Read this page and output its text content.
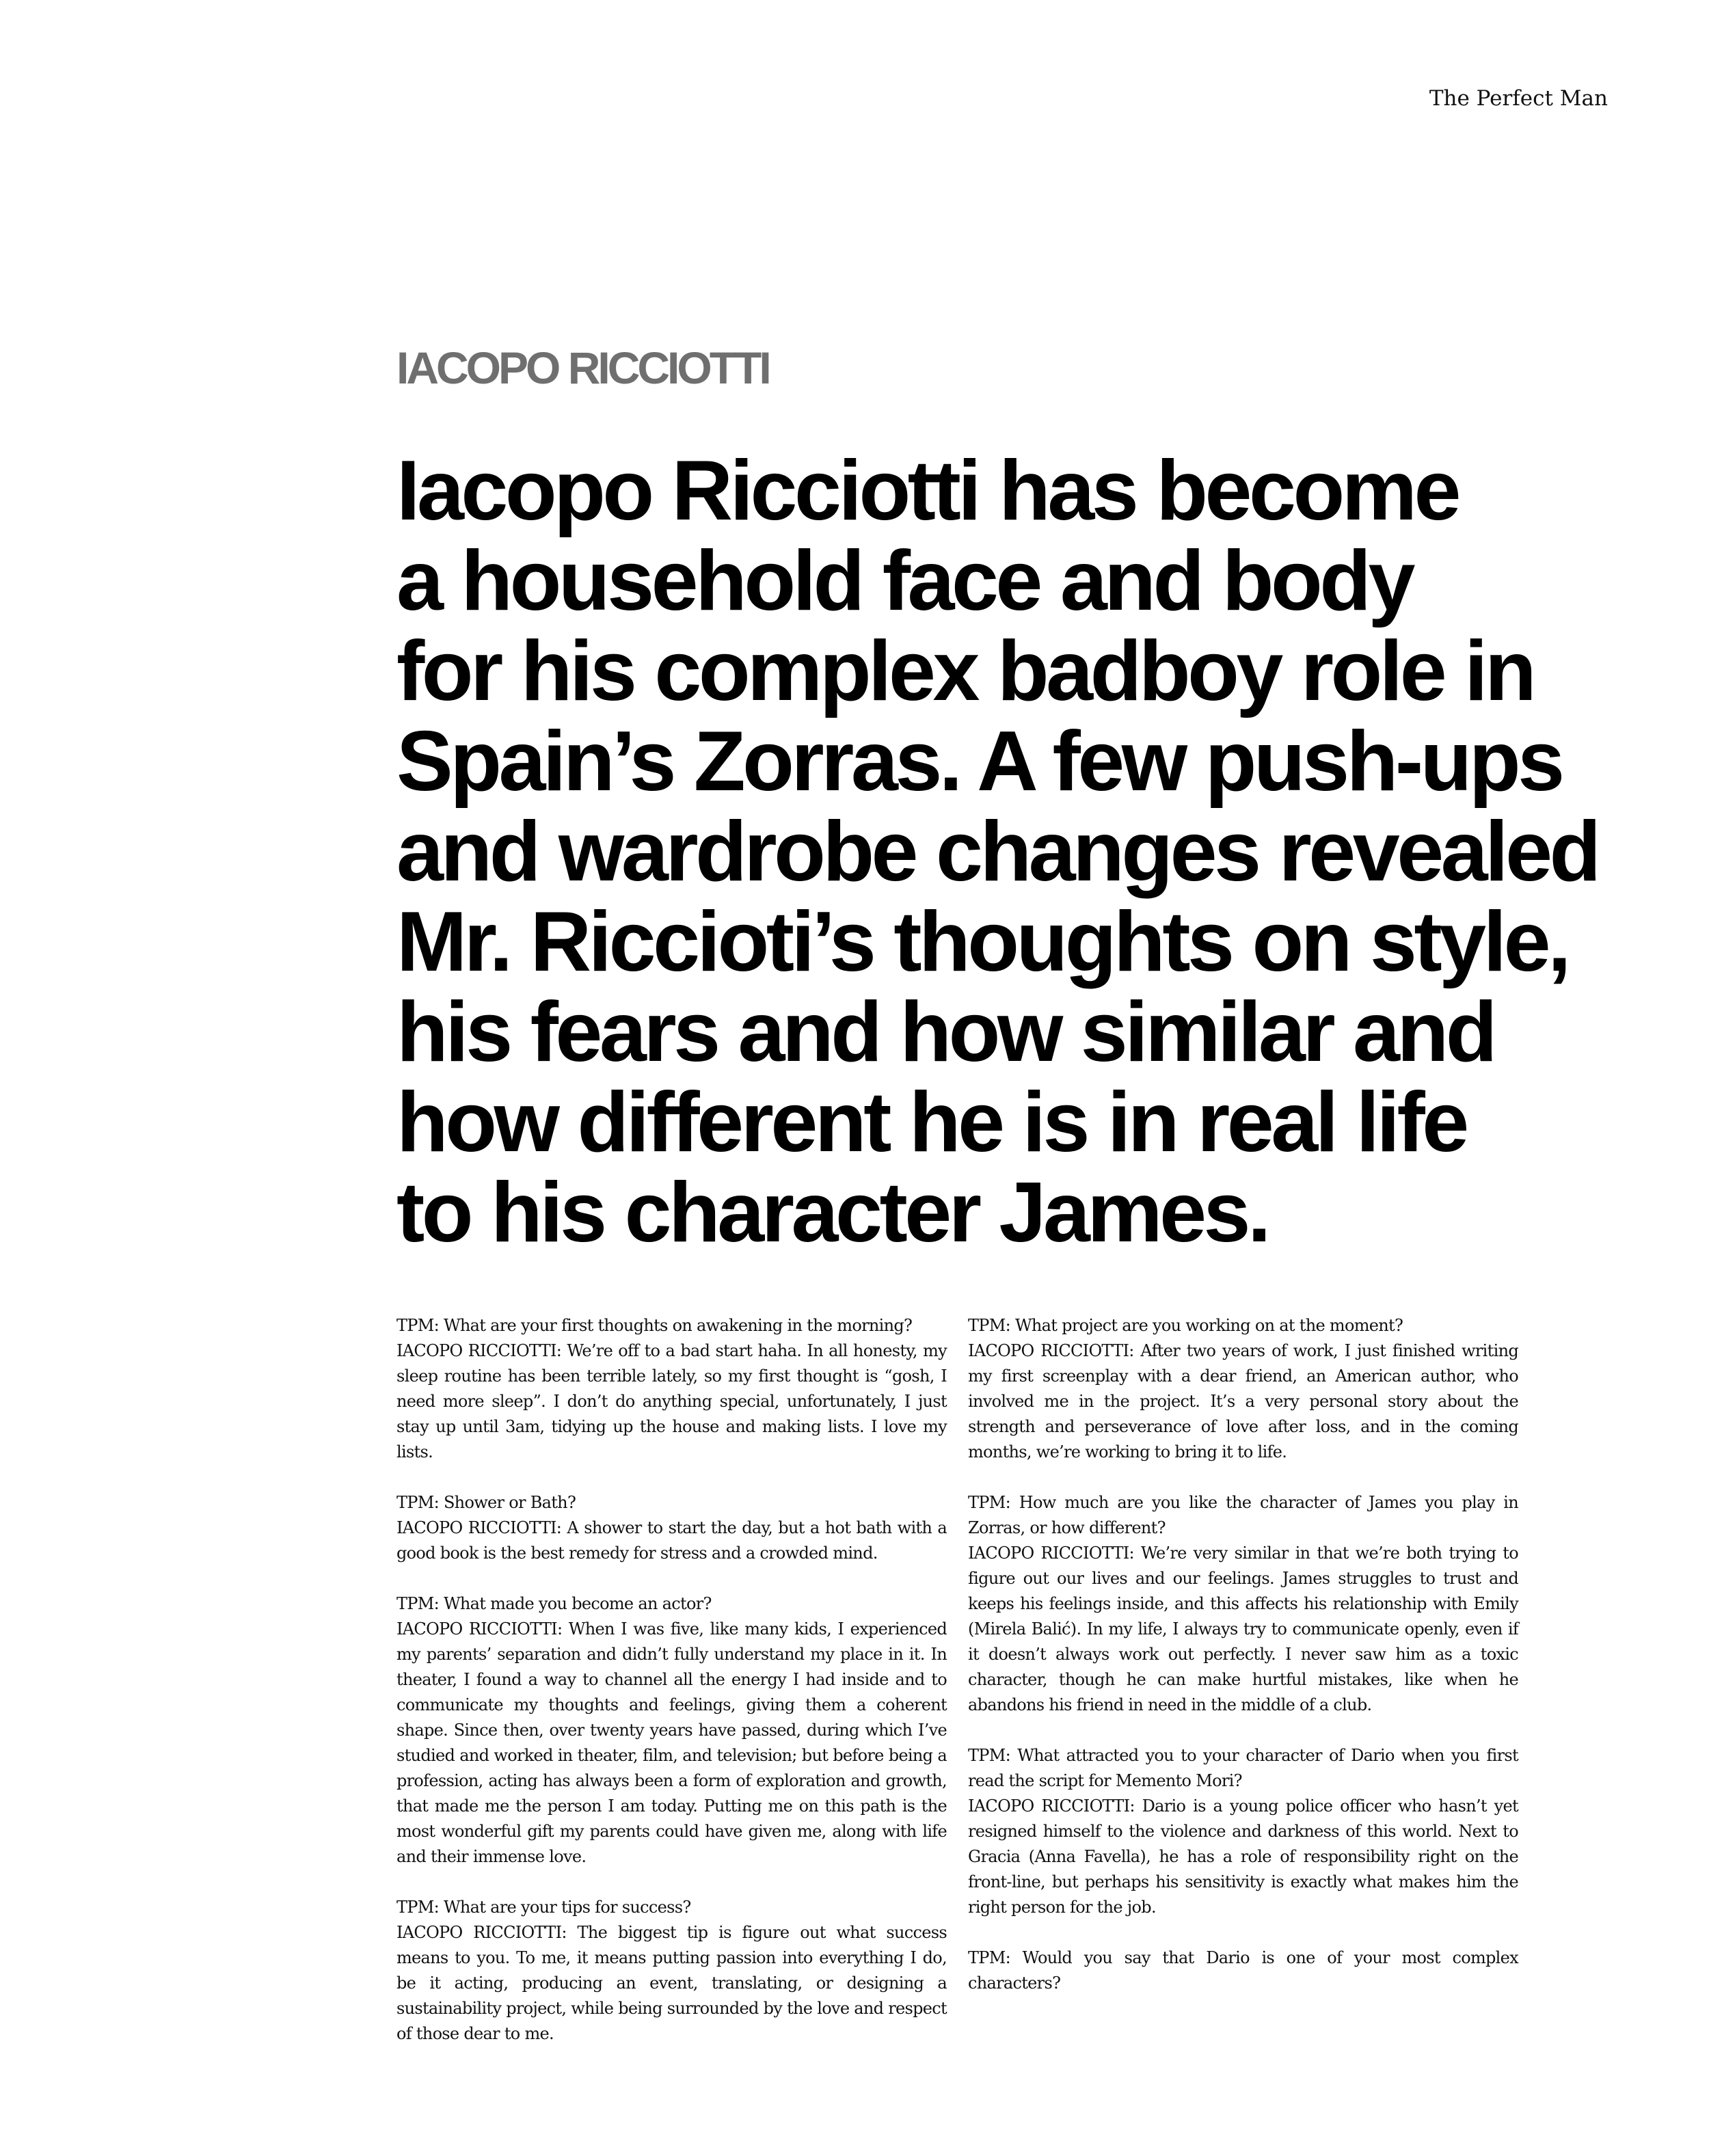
The Perfect Man
IACOPO RICCIOTTI
Iacopo Ricciotti has become
a household face and body
for his complex badboy role in
Spain’s Zorras. A few push-ups
and wardrobe changes revealed
Mr. Riccioti’s thoughts on style,
his fears and how similar and
how different he is in real life
to his character James.

TPM: What are your first thoughts on awakening in the morning?

IACOPO RICCIOTTI: We’re off to a bad start haha. In all honesty, my sleep routine has been terrible lately, so my first thought is “gosh, I need more sleep”. I don’t do anything special, unfortunately, I just stay up until 3am, tidying up the house and making lists. I love my lists.

TPM: Shower or Bath?

IACOPO RICCIOTTI: A shower to start the day, but a hot bath with a good book is the best remedy for stress and a crowded mind.

TPM: What made you become an actor?

IACOPO RICCIOTTI: When I was five, like many kids, I experienced my parents’ separation and didn’t fully understand my place in it. In theater, I found a way to channel all the energy I had inside and to communicate my thoughts and feelings, giving them a coherent shape. Since then, over twenty years have passed, during which I’ve studied and worked in theater, film, and television; but before being a profession, acting has always been a form of exploration and growth, that made me the person I am today. Putting me on this path is the most wonderful gift my parents could have given me, along with life and their immense love.

TPM: What are your tips for success?

IACOPO RICCIOTTI: The biggest tip is figure out what success means to you. To me, it means putting passion into everything I do, be it acting, producing an event, translating, or designing a sustainability project, while being surrounded by the love and respect of those dear to me.

TPM: What project are you working on at the moment?

IACOPO RICCIOTTI: After two years of work, I just finished writing my first screenplay with a dear friend, an American author, who involved me in the project. It’s a very personal story about the strength and perseverance of love after loss, and in the coming months, we’re working to bring it to life.

TPM: How much are you like the character of James you play in Zorras, or how different?

IACOPO RICCIOTTI: We’re very similar in that we’re both trying to figure out our lives and our feelings. James struggles to trust and keeps his feelings inside, and this affects his relationship with Emily (Mirela Balić). In my life, I always try to communicate openly, even if it doesn’t always work out perfectly. I never saw him as a toxic character, though he can make hurtful mistakes, like when he abandons his friend in need in the middle of a club.

TPM: What attracted you to your character of Dario when you first read the script for Memento Mori?

IACOPO RICCIOTTI: Dario is a young police officer who hasn’t yet resigned himself to the violence and darkness of this world. Next to Gracia (Anna Favella), he has a role of responsibility right on the front-line, but perhaps his sensitivity is exactly what makes him the right person for the job.

TPM: Would you say that Dario is one of your most complex characters?
